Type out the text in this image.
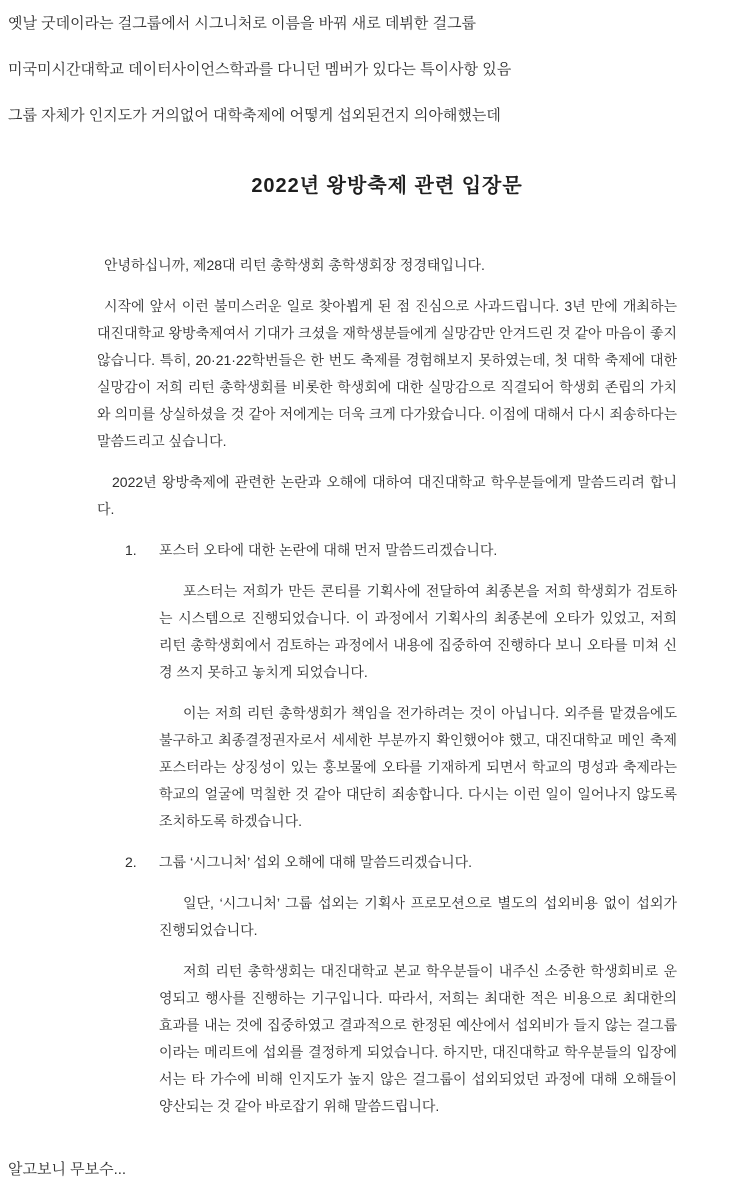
옛날 굿데이라는 걸그룹에서 시그니처로 이름을 바꿔 새로 데뷔한 걸그룹

미국미시간대학교 데이터사이언스학과를 다니던 멤버가 있다는 특이사항 있음

그룹 자체가 인지도가 거의없어 대학축제에 어떻게 섭외된건지 의아해했는데

2022년 왕방축제 관련 입장문

안녕하십니까, 제28대 리턴 총학생회 총학생회장 정경태입니다.

시작에 앞서 이런 불미스러운 일로 찾아뵙게 된 점 진심으로 사과드립니다. 3년 만에 개최하는 대진대학교 왕방축제여서 기대가 크셨을 재학생분들에게 실망감만 안겨드린 것 같아 마음이 좋지 않습니다. 특히, 20·21·22학번들은 한 번도 축제를 경험해보지 못하였는데, 첫 대학 축제에 대한 실망감이 저희 리턴 총학생회를 비롯한 학생회에 대한 실망감으로 직결되어 학생회 존립의 가치와 의미를 상실하셨을 것 같아 저에게는 더욱 크게 다가왔습니다. 이점에 대해서 다시 죄송하다는 말씀드리고 싶습니다.

2022년 왕방축제에 관련한 논란과 오해에 대하여 대진대학교 학우분들에게 말씀드리려 합니다.

1. 포스터 오타에 대한 논란에 대해 먼저 말씀드리겠습니다.

포스터는 저희가 만든 콘티를 기획사에 전달하여 최종본을 저희 학생회가 검토하는 시스템으로 진행되었습니다. 이 과정에서 기획사의 최종본에 오타가 있었고, 저희 리턴 총학생회에서 검토하는 과정에서 내용에 집중하여 진행하다 보니 오타를 미쳐 신경 쓰지 못하고 놓치게 되었습니다.

이는 저희 리턴 총학생회가 책임을 전가하려는 것이 아닙니다. 외주를 맡겼음에도 불구하고 최종결정권자로서 세세한 부분까지 확인했어야 했고, 대진대학교 메인 축제 포스터라는 상징성이 있는 홍보물에 오타를 기재하게 되면서 학교의 명성과 축제라는 학교의 얼굴에 먹칠한 것 같아 대단히 죄송합니다. 다시는 이런 일이 일어나지 않도록 조치하도록 하겠습니다.

2. 그룹 ‘시그니처’ 섭외 오해에 대해 말씀드리겠습니다.

일단, ‘시그니처’ 그룹 섭외는 기획사 프로모션으로 별도의 섭외비용 없이 섭외가 진행되었습니다.

저희 리턴 총학생회는 대진대학교 본교 학우분들이 내주신 소중한 학생회비로 운영되고 행사를 진행하는 기구입니다. 따라서, 저희는 최대한 적은 비용으로 최대한의 효과를 내는 것에 집중하였고 결과적으로 한정된 예산에서 섭외비가 들지 않는 걸그룹이라는 메리트에 섭외를 결정하게 되었습니다. 하지만, 대진대학교 학우분들의 입장에서는 타 가수에 비해 인지도가 높지 않은 걸그룹이 섭외되었던 과정에 대해 오해들이 양산되는 것 같아 바로잡기 위해 말씀드립니다.

알고보니 무보수...
